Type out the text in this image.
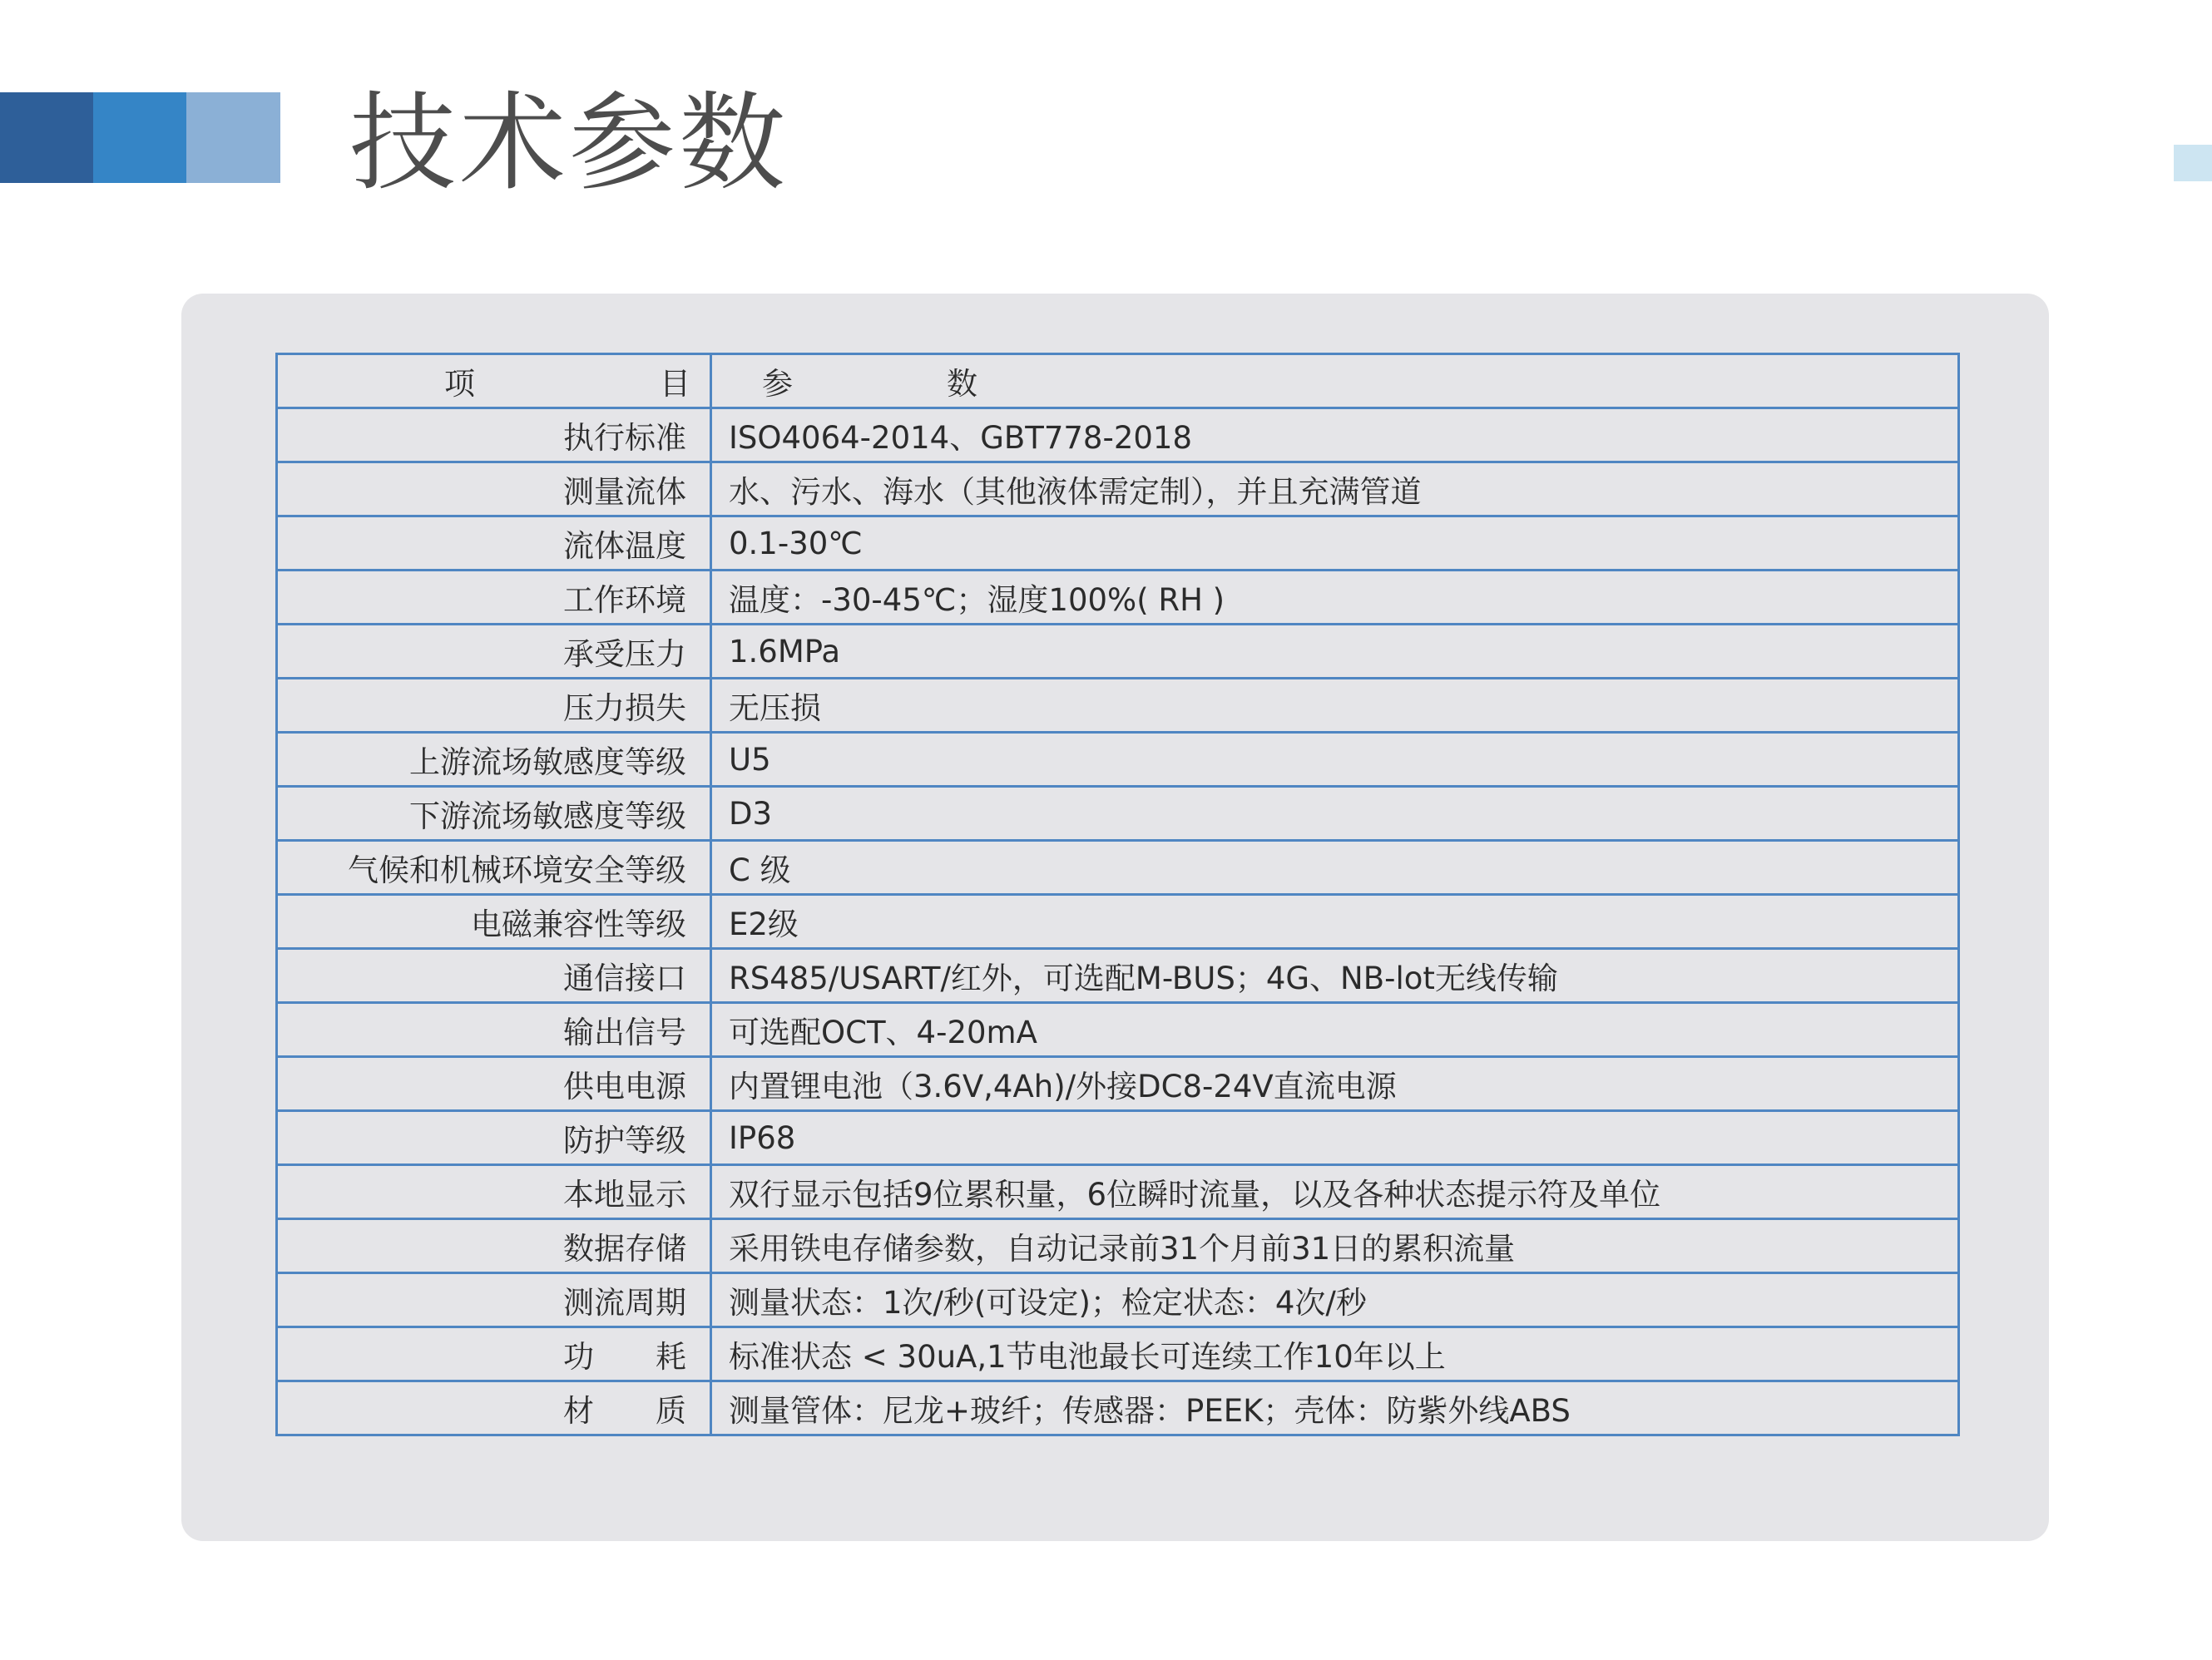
技术参数
项　　　　　　目	参　　　　　数
执行标准	ISO4064-2014、GBT778-2018
测量流体	水、污水、海水（其他液体需定制），并且充满管道
流体温度	0.1-30℃
工作环境	温度：-30-45℃；湿度100%( RH )
承受压力	1.6MPa
压力损失	无压损
上游流场敏感度等级	U5
下游流场敏感度等级	D3
气候和机械环境安全等级	C 级
电磁兼容性等级	E2级
通信接口	RS485/USART/红外，可选配M-BUS；4G、NB-lot无线传输
输出信号	可选配OCT、4-20mA
供电电源	内置锂电池（3.6V,4Ah)/外接DC8-24V直流电源
防护等级	IP68
本地显示	双行显示包括9位累积量，6位瞬时流量，以及各种状态提示符及单位
数据存储	采用铁电存储参数，自动记录前31个月前31日的累积流量
测流周期	测量状态：1次/秒(可设定)；检定状态：4次/秒
功　　耗	标准状态 < 30uA,1节电池最长可连续工作10年以上
材　　质	测量管体：尼龙+玻纤；传感器：PEEK；壳体：防紫外线ABS
